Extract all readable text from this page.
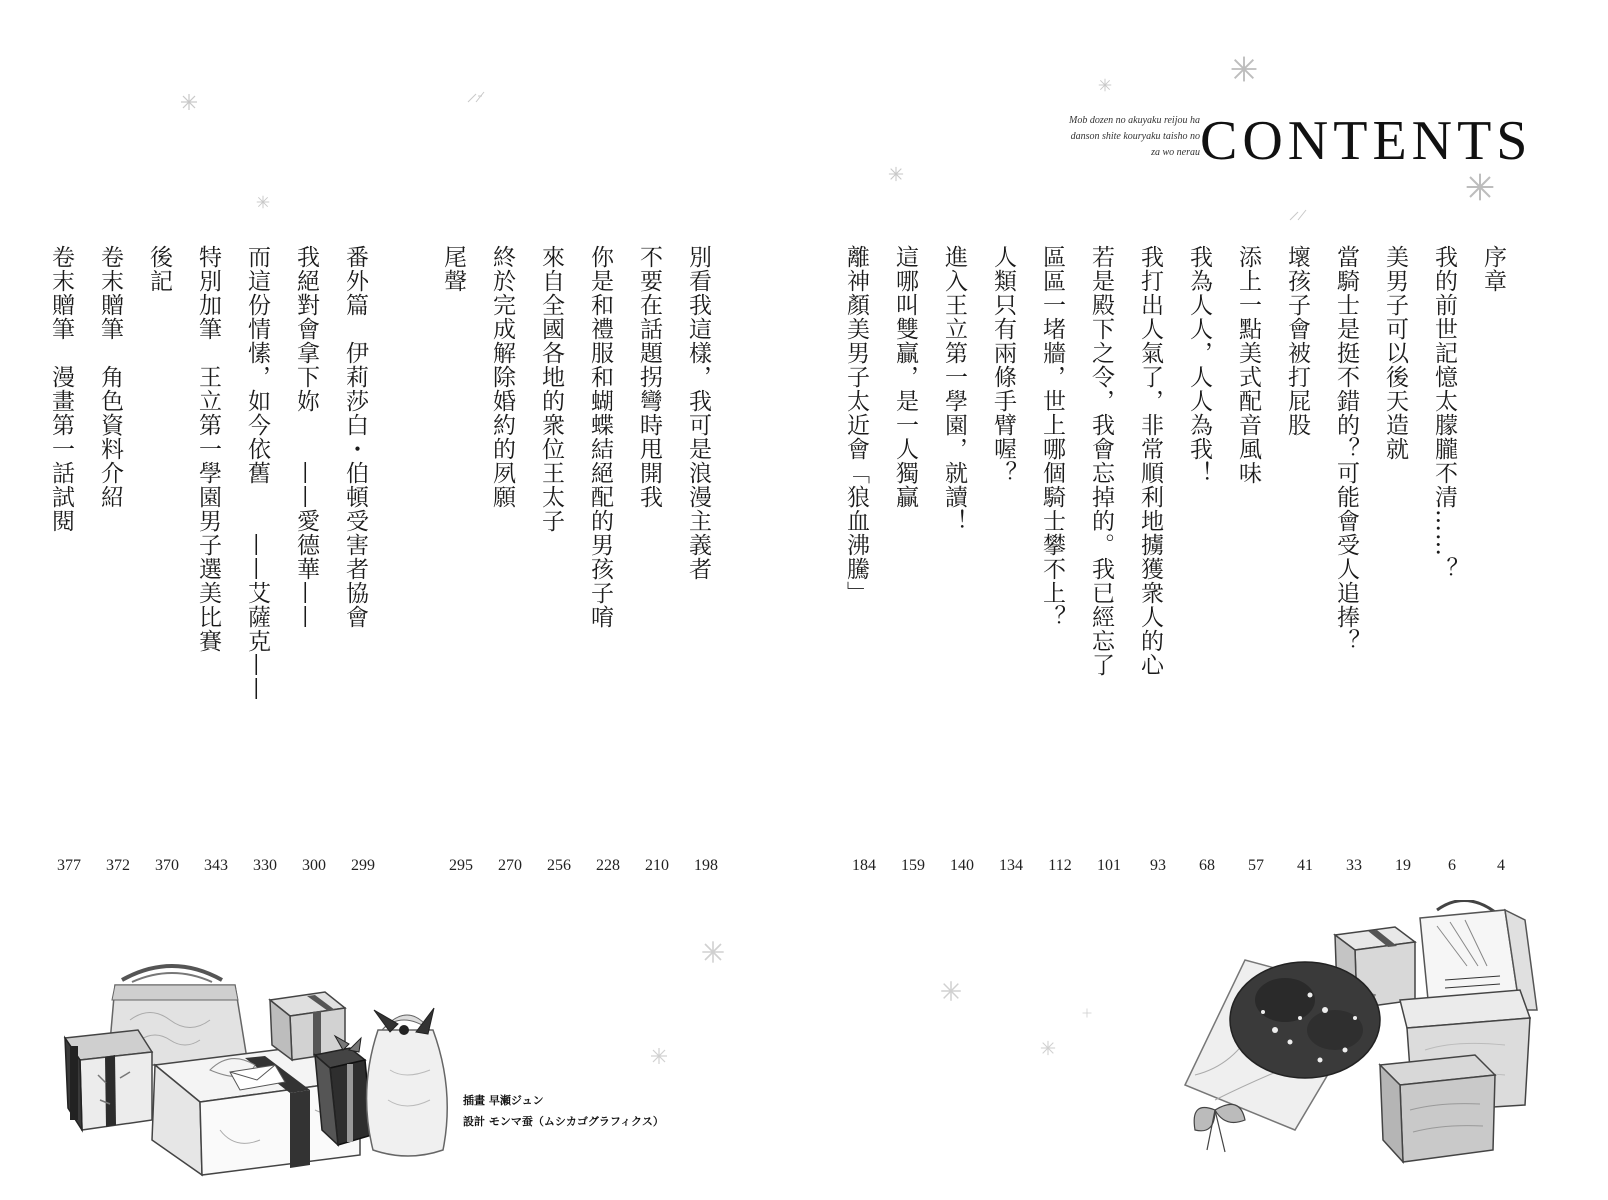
Mob dozen no akuyaku reijou ha
danson shite kouryaku taisho no
za wo nerau CONTENTS
序章
4
我的前世記憶太朦朧不清……？
6
美男子可以後天造就
19
當騎士是挺不錯的？可能會受人追捧？
33
壞孩子會被打屁股
41
添上一點美式配音風味
57
我為人人，人人為我！
68
我打出人氣了，非常順利地擄獲衆人的心
93
若是殿下之令，我會忘掉的。我已經忘了
101
區區一堵牆，世上哪個騎士攀不上？
112
人類只有兩條手臂喔？
134
進入王立第一學園，就讀！
140
這哪叫雙贏，是一人獨贏
159
離神顏美男子太近會「狼血沸騰」
184
別看我這樣，我可是浪漫主義者
198
不要在話題拐彎時甩開我
210
你是和禮服和蝴蝶結絕配的男孩子唷
228
來自全國各地的衆位王太子
256
終於完成解除婚約的夙願
270
尾聲
295
番外篇　伊莉莎白・伯頓受害者協會
299
我絕對會拿下妳　　——愛德華——
300
而這份情愫，如今依舊　　——艾薩克——
330
特別加筆　王立第一學園男子選美比賽
343
後記
370
卷末贈筆　角色資料介紹
372
卷末贈筆　漫畫第一話試閱
377
插畫 早瀬ジュン
設計 モンマ蚕（ムシカゴグラフィクス）
